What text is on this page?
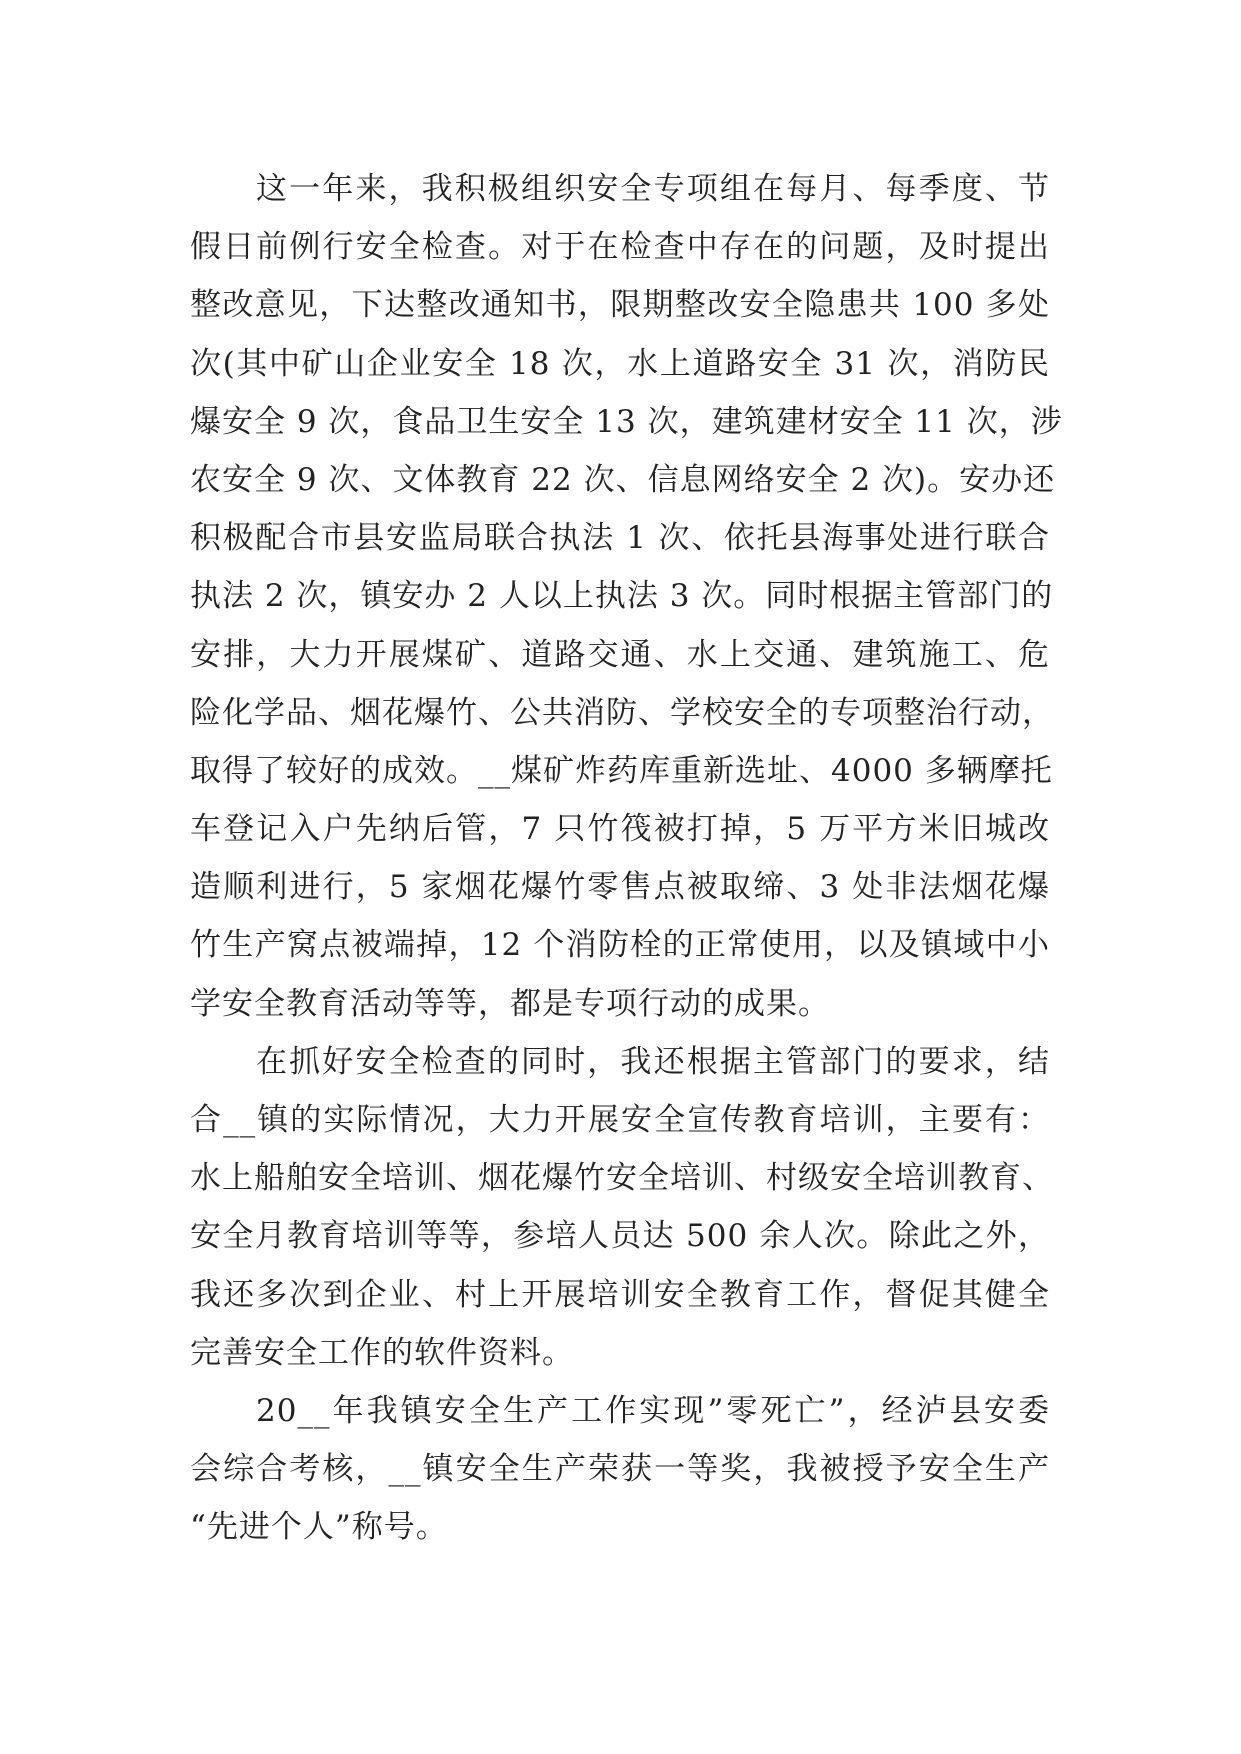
这一年来，我积极组织安全专项组在每月、每季度、节
假日前例行安全检查。对于在检查中存在的问题，及时提出
整改意见，下达整改通知书，限期整改安全隐患共 100 多处
次(其中矿山企业安全 18 次，水上道路安全 31 次，消防民
爆安全 9 次，食品卫生安全 13 次，建筑建材安全 11 次，涉
农安全 9 次、文体教育 22 次、信息网络安全 2 次)。安办还
积极配合市县安监局联合执法 1 次、依托县海事处进行联合
执法 2 次，镇安办 2 人以上执法 3 次。同时根据主管部门的
安排，大力开展煤矿、道路交通、水上交通、建筑施工、危
险化学品、烟花爆竹、公共消防、学校安全的专项整治行动，
取得了较好的成效。__煤矿炸药库重新选址、4000 多辆摩托
车登记入户先纳后管，7 只竹筏被打掉，5 万平方米旧城改
造顺利进行，5 家烟花爆竹零售点被取缔、3 处非法烟花爆
竹生产窝点被端掉，12 个消防栓的正常使用，以及镇域中小
学安全教育活动等等，都是专项行动的成果。
在抓好安全检查的同时，我还根据主管部门的要求，结
合__镇的实际情况，大力开展安全宣传教育培训，主要有：
水上船舶安全培训、烟花爆竹安全培训、村级安全培训教育、
安全月教育培训等等，参培人员达 500 余人次。除此之外，
我还多次到企业、村上开展培训安全教育工作，督促其健全
完善安全工作的软件资料。
20__年我镇安全生产工作实现”零死亡”，经泸县安委
会综合考核，__镇安全生产荣获一等奖，我被授予安全生产
“先进个人”称号。
